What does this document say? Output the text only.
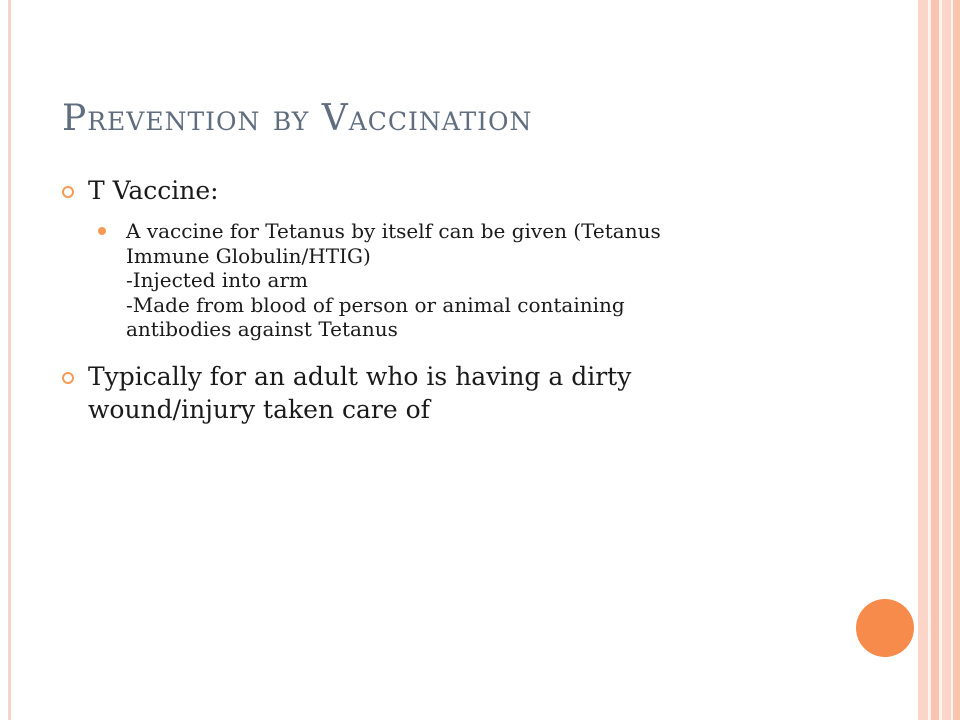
Prevention by Vaccination
T Vaccine:
A vaccine for Tetanus by itself can be given (Tetanus
Immune Globulin/HTIG)
-Injected into arm
-Made from blood of person or animal containing
antibodies against Tetanus
Typically for an adult who is having a dirty
wound/injury taken care of
